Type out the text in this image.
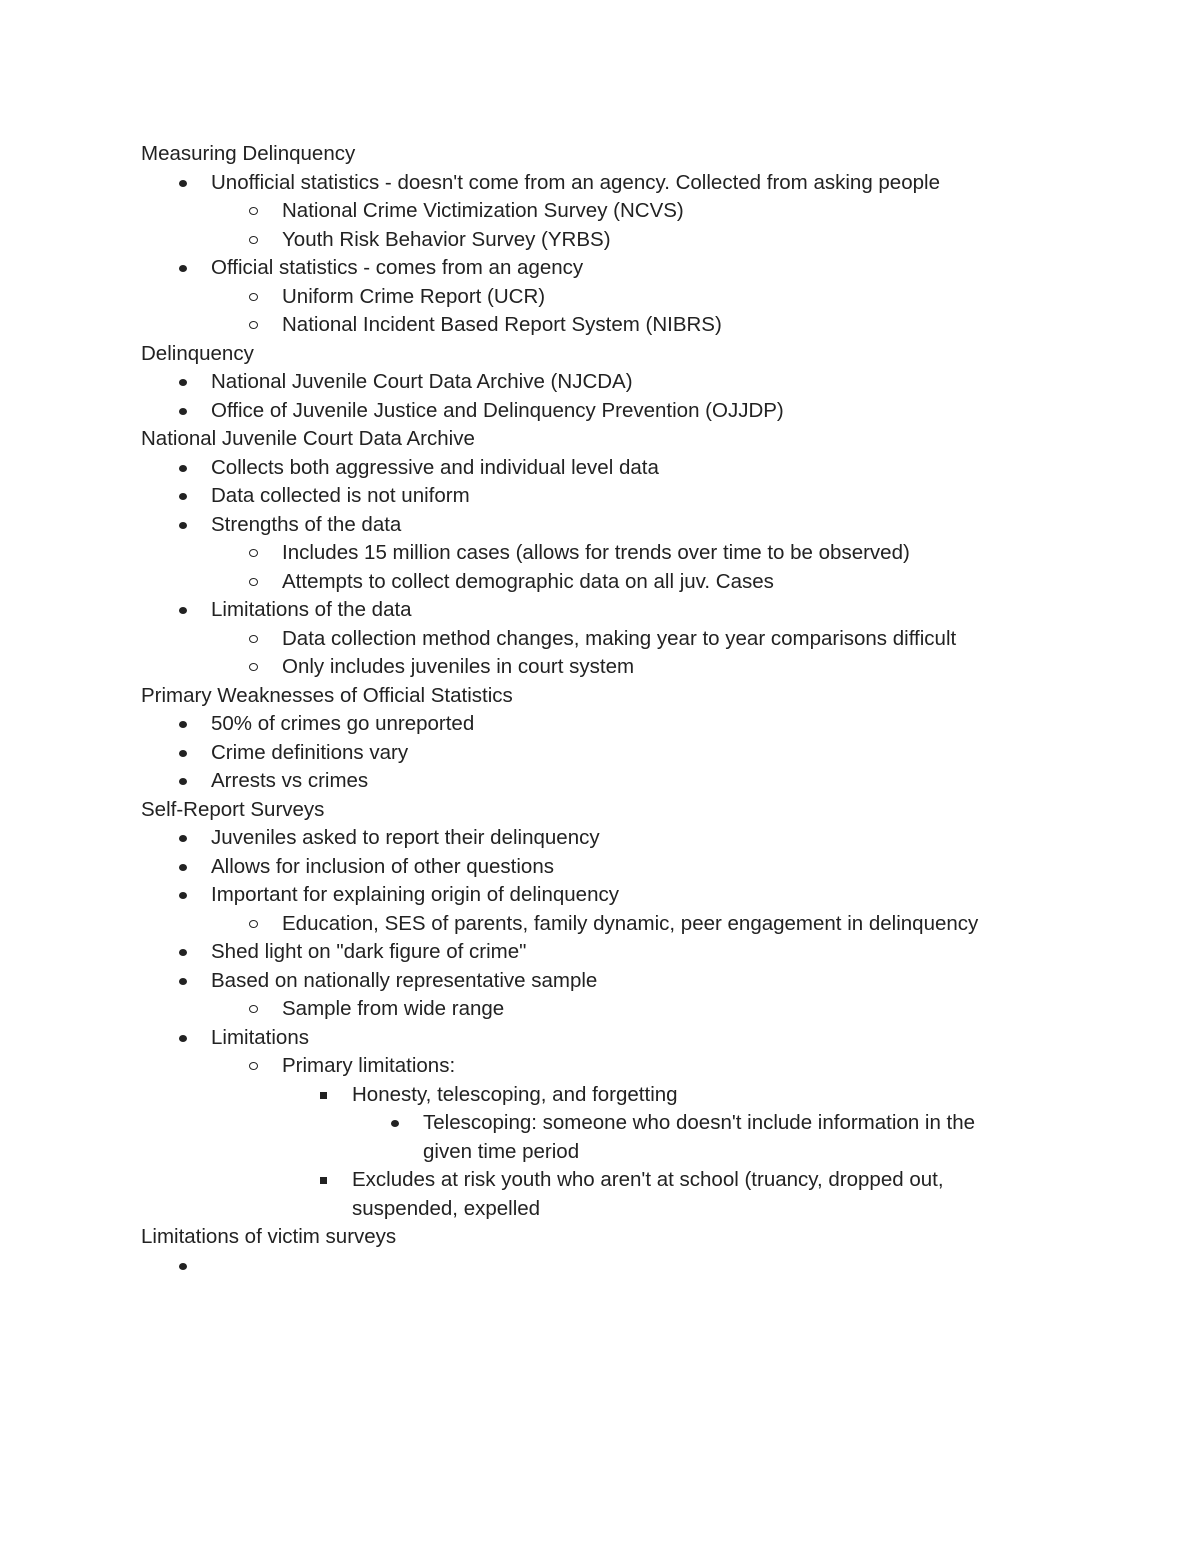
Measuring Delinquency
Unofficial statistics - doesn't come from an agency. Collected from asking people
National Crime Victimization Survey (NCVS)
Youth Risk Behavior Survey (YRBS)
Official statistics - comes from an agency
Uniform Crime Report (UCR)
National Incident Based Report System (NIBRS)
Delinquency
National Juvenile Court Data Archive (NJCDA)
Office of Juvenile Justice and Delinquency Prevention (OJJDP)
National Juvenile Court Data Archive
Collects both aggressive and individual level data
Data collected is not uniform
Strengths of the data
Includes 15 million cases (allows for trends over time to be observed)
Attempts to collect demographic data on all juv. Cases
Limitations of the data
Data collection method changes, making year to year comparisons difficult
Only includes juveniles in court system
Primary Weaknesses of Official Statistics
50% of crimes go unreported
Crime definitions vary
Arrests vs crimes
Self-Report Surveys
Juveniles asked to report their delinquency
Allows for inclusion of other questions
Important for explaining origin of delinquency
Education, SES of parents, family dynamic, peer engagement in delinquency
Shed light on "dark figure of crime"
Based on nationally representative sample
Sample from wide range
Limitations
Primary limitations:
Honesty, telescoping, and forgetting
Telescoping: someone who doesn't include information in the given time period
Excludes at risk youth who aren't at school (truancy, dropped out, suspended, expelled
Limitations of victim surveys
